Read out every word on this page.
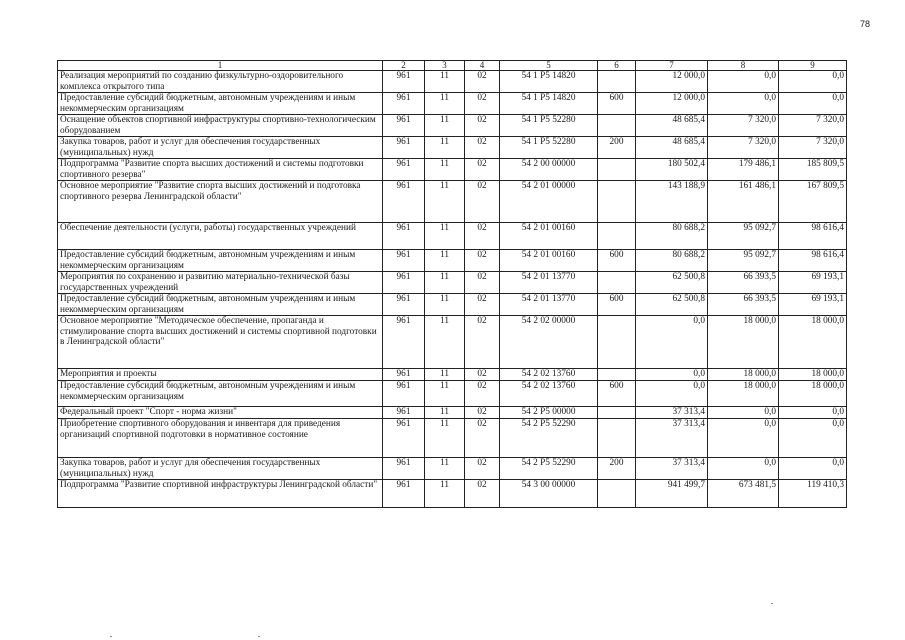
78
1	2	3	4	5	6	7	8	9
Реализация мероприятий по созданию физкультурно-оздоровительного комплекса открытого типа	961	11	02	54 1 P5 14820		12 000,0	0,0	0,0
Предоставление субсидий бюджетным, автономным учреждениям и иным некоммерческим организациям	961	11	02	54 1 P5 14820	600	12 000,0	0,0	0,0
Оснащение объектов спортивной инфраструктуры спортивно-технологическим оборудованием	961	11	02	54 1 P5 52280		48 685,4	7 320,0	7 320,0
Закупка товаров, работ и услуг для обеспечения государственных (муниципальных) нужд	961	11	02	54 1 P5 52280	200	48 685,4	7 320,0	7 320,0
Подпрограмма "Развитие спорта высших достижений и системы подготовки спортивного резерва"	961	11	02	54 2 00 00000		180 502,4	179 486,1	185 809,5
Основное мероприятие "Развитие спорта высших достижений и подготовка спортивного резерва Ленинградской области"	961	11	02	54 2 01 00000		143 188,9	161 486,1	167 809,5
Обеспечение деятельности (услуги, работы) государственных учреждений	961	11	02	54 2 01 00160		80 688,2	95 092,7	98 616,4
Предоставление субсидий бюджетным, автономным учреждениям и иным некоммерческим организациям	961	11	02	54 2 01 00160	600	80 688,2	95 092,7	98 616,4
Мероприятия по сохранению и развитию материально-технической базы государственных учреждений	961	11	02	54 2 01 13770		62 500,8	66 393,5	69 193,1
Предоставление субсидий бюджетным, автономным учреждениям и иным некоммерческим организациям	961	11	02	54 2 01 13770	600	62 500,8	66 393,5	69 193,1
Основное мероприятие "Методическое обеспечение, пропаганда и стимулирование спорта высших достижений и системы спортивной подготовки в Ленинградской области"	961	11	02	54 2 02 00000		0,0	18 000,0	18 000,0
Мероприятия и проекты	961	11	02	54 2 02 13760		0,0	18 000,0	18 000,0
Предоставление субсидий бюджетным, автономным учреждениям и иным некоммерческим организациям	961	11	02	54 2 02 13760	600	0,0	18 000,0	18 000,0
Федеральный проект "Спорт - норма жизни"	961	11	02	54 2 P5 00000		37 313,4	0,0	0,0
Приобретение спортивного оборудования и инвентаря для приведения организаций спортивной подготовки в нормативное состояние	961	11	02	54 2 P5 52290		37 313,4	0,0	0,0
Закупка товаров, работ и услуг для обеспечения государственных (муниципальных) нужд	961	11	02	54 2 P5 52290	200	37 313,4	0,0	0,0
Подпрограмма "Развитие спортивной инфраструктуры Ленинградской области"	961	11	02	54 3 00 00000		941 499,7	673 481,5	119 410,3
